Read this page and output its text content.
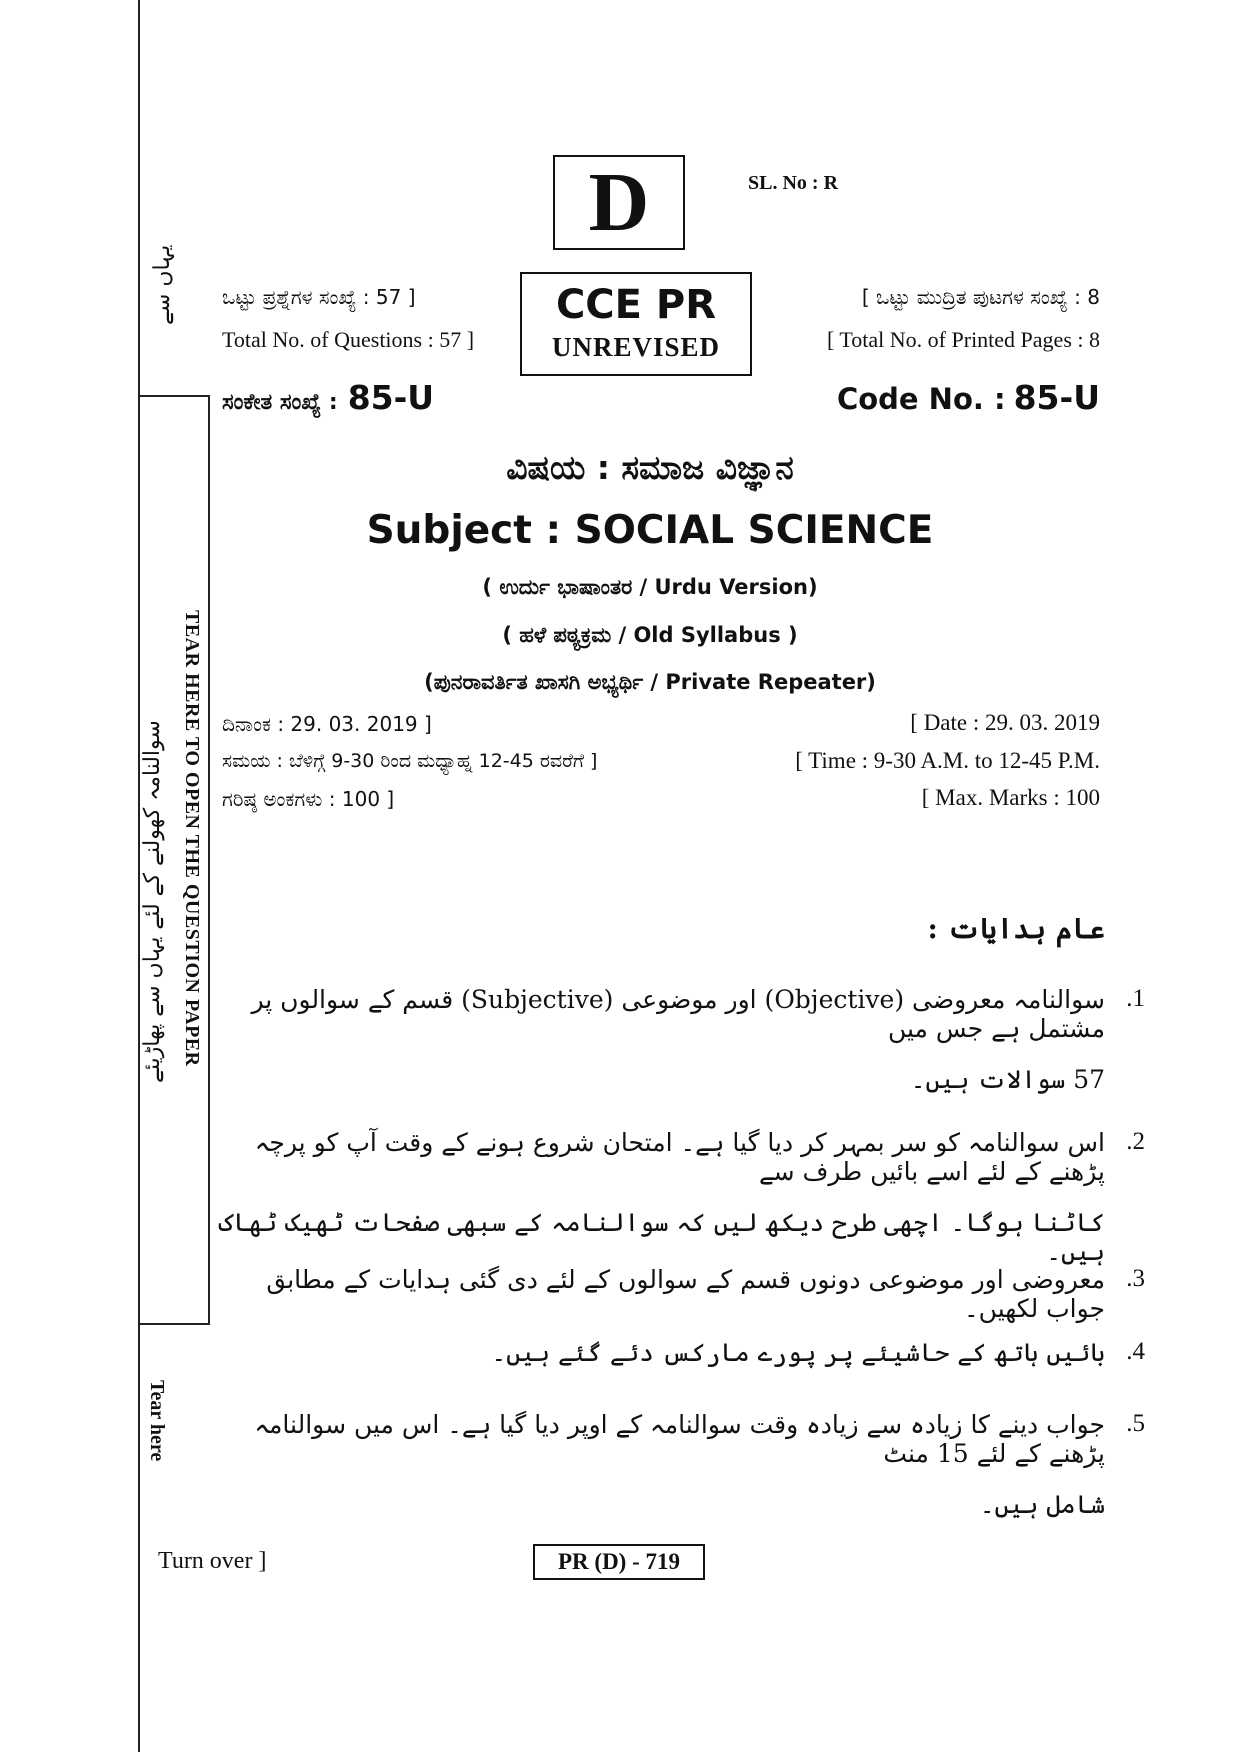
یہاں سے
TEAR HERE TO OPEN THE QUESTION PAPER
سوالنامہ کھولنے کے لئے یہاں سے پھاڑیئے
Tear here
D	SL. No : R
CCE PR
UNREVISED
ಒಟ್ಟು ಪ್ರಶ್ನೆಗಳ ಸಂಖ್ಯೆ : 57 ]
Total No. of Questions : 57 ]
[ ಒಟ್ಟು ಮುದ್ರಿತ ಪುಟಗಳ ಸಂಖ್ಯೆ : 8
[ Total No. of Printed Pages : 8
ಸಂಕೇತ ಸಂಖ್ಯೆ : 85-U	Code No. : 85-U
ವಿಷಯ : ಸಮಾಜ ವಿಜ್ಞಾನ
Subject : SOCIAL SCIENCE
( ಉರ್ದು ಭಾಷಾಂತರ / Urdu Version)
( ಹಳೆ ಪಠ್ಯಕ್ರಮ / Old Syllabus )
(ಪುನರಾವರ್ತಿತ ಖಾಸಗಿ ಅಭ್ಯರ್ಥಿ / Private Repeater)
ದಿನಾಂಕ : 29. 03. 2019 ]	[ Date : 29. 03. 2019
ಸಮಯ : ಬೆಳಿಗ್ಗೆ 9-30 ರಿಂದ ಮಧ್ಯಾಹ್ನ 12-45 ರವರೆಗೆ ]	[ Time : 9-30 A.M. to 12-45 P.M.
ಗರಿಷ್ಠ ಅಂಕಗಳು : 100 ]	[ Max. Marks : 100
عام ہدایات :
1.
سوالنامہ معروضی (Objective) اور موضوعی (Subjective) قسم کے سوالوں پر مشتمل ہے جس میں
57 سوالات ہیں۔
2.
اس سوالنامہ کو سر بمہر کر دیا گیا ہے۔ امتحان شروع ہونے کے وقت آپ کو پرچہ پڑھنے کے لئے اسے بائیں طرف سے
کاٹنا ہوگا۔ اچھی طرح دیکھ لیں کہ سوالنامہ کے سبھی صفحات ٹھیک ٹھاک ہیں۔
3.
معروضی اور موضوعی دونوں قسم کے سوالوں کے لئے دی گئی ہدایات کے مطابق جواب لکھیں۔
4.
بائیں ہاتھ کے حاشیئے پر پورے مارکس دئے گئے ہیں۔
5.
جواب دینے کا زیادہ سے زیادہ وقت سوالنامہ کے اوپر دیا گیا ہے۔ اس میں سوالنامہ پڑھنے کے لئے 15 منٹ
شامل ہیں۔
Turn over ]	PR (D) - 719
